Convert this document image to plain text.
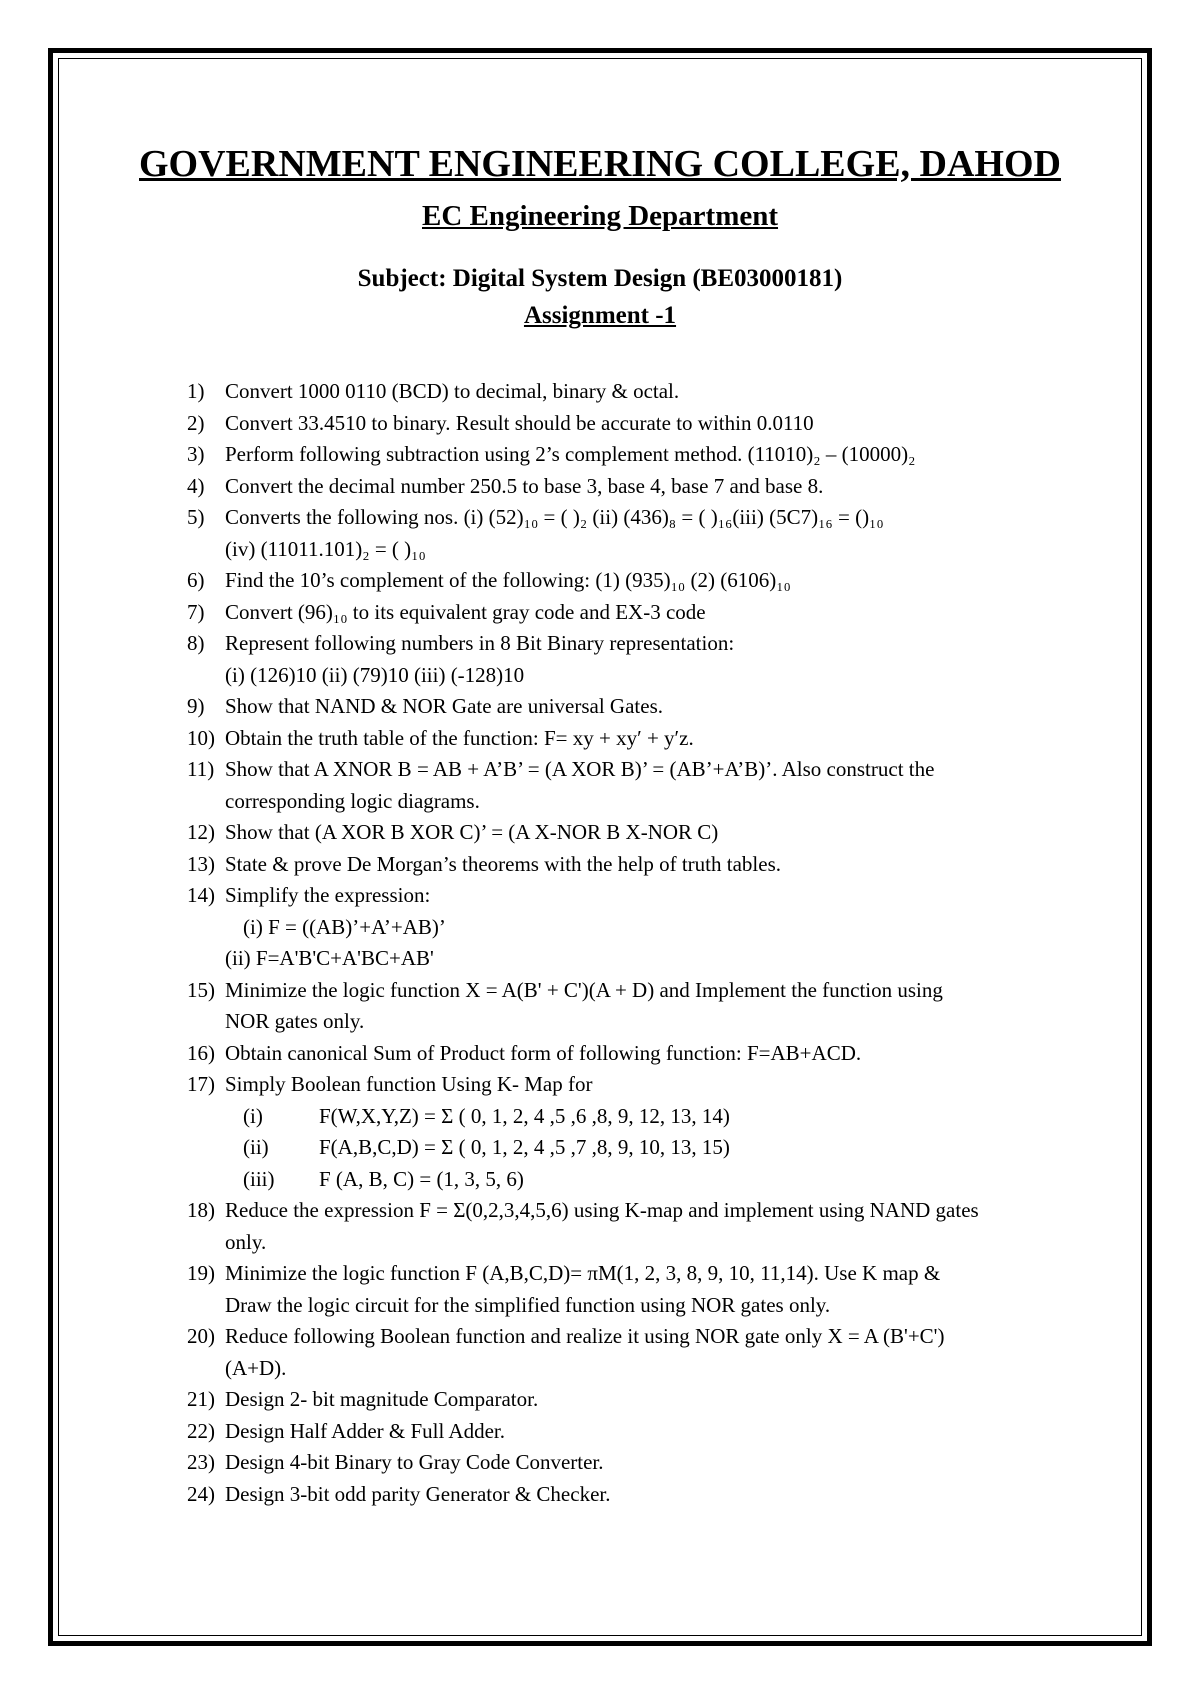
GOVERNMENT ENGINEERING COLLEGE, DAHOD
EC Engineering Department
Subject: Digital System Design (BE03000181)
Assignment -1
1) Convert 1000 0110 (BCD) to decimal, binary & octal.
2) Convert 33.4510 to binary. Result should be accurate to within 0.0110
3) Perform following subtraction using 2’s complement method. (11010)₂ – (10000)₂
4) Convert the decimal number 250.5 to base 3, base 4, base 7 and base 8.
5) Converts the following nos. (i) (52)₁₀ = ( )₂ (ii) (436)₈ = ( )₁₆(iii) (5C7)₁₆ = ()₁₀
(iv) (11011.101)₂ = ( )₁₀
6) Find the 10’s complement of the following: (1) (935)₁₀ (2) (6106)₁₀
7) Convert (96)₁₀ to its equivalent gray code and EX-3 code
8) Represent following numbers in 8 Bit Binary representation:
(i) (126)10 (ii) (79)10 (iii) (-128)10
9) Show that NAND & NOR Gate are universal Gates.
10) Obtain the truth table of the function: F= xy + xy′ + y′z.
11) Show that A XNOR B = AB + A’B’ = (A XOR B)’ = (AB’+A’B)’. Also construct the
corresponding logic diagrams.
12) Show that (A XOR B XOR C)’ = (A X-NOR B X-NOR C)
13) State & prove De Morgan’s theorems with the help of truth tables.
14) Simplify the expression:
(i) F = ((AB)’+A’+AB)’
(ii) F=A'B'C+A'BC+AB'
15) Minimize the logic function X = A(B' + C')(A + D) and Implement the function using
NOR gates only.
16) Obtain canonical Sum of Product form of following function: F=AB+ACD.
17) Simply Boolean function Using K- Map for
(i)	F(W,X,Y,Z) = Σ ( 0, 1, 2, 4 ,5 ,6 ,8, 9, 12, 13, 14)
(ii)	F(A,B,C,D) = Σ ( 0, 1, 2, 4 ,5 ,7 ,8, 9, 10, 13, 15)
(iii)	F (A, B, C) = (1, 3, 5, 6)
18) Reduce the expression F = Σ(0,2,3,4,5,6) using K-map and implement using NAND gates
only.
19) Minimize the logic function F (A,B,C,D)= πM(1, 2, 3, 8, 9, 10, 11,14). Use K map &
Draw the logic circuit for the simplified function using NOR gates only.
20) Reduce following Boolean function and realize it using NOR gate only X = A (B'+C')
(A+D).
21) Design 2- bit magnitude Comparator.
22) Design Half Adder & Full Adder.
23) Design 4-bit Binary to Gray Code Converter.
24) Design 3-bit odd parity Generator & Checker.
